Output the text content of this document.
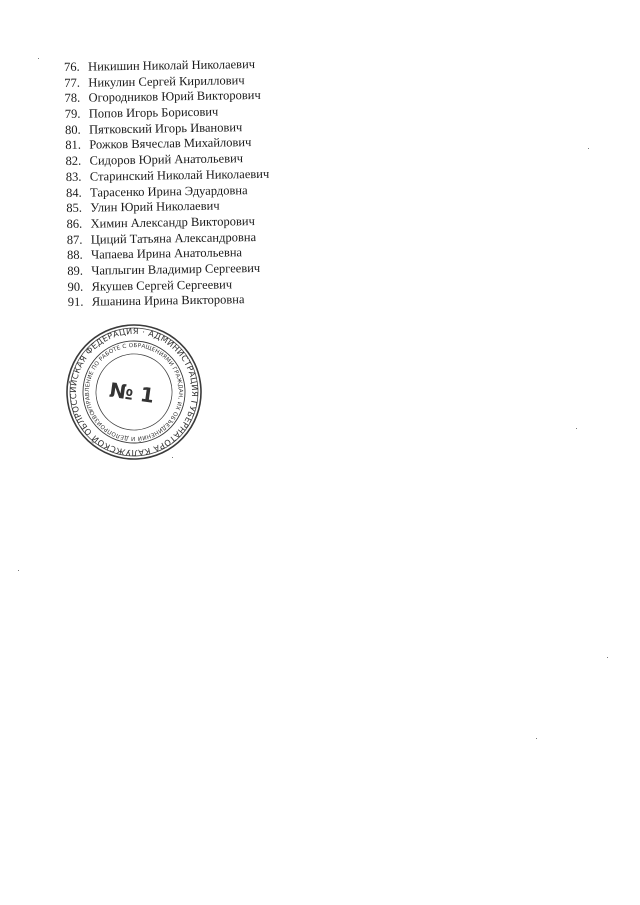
76. Никишин Николай Николаевич
77. Никулин Сергей Кириллович
78. Огородников Юрий Викторович
79. Попов Игорь Борисович
80. Пятковский Игорь Иванович
81. Рожков Вячеслав Михайлович
82. Сидоров Юрий Анатольевич
83. Старинский Николай Николаевич
84. Тарасенко Ирина Эдуардовна
85. Улин Юрий Николаевич
86. Химин Александр Викторович
87. Циций Татьяна Александровна
88. Чапаева Ирина Анатольевна
89. Чаплыгин Владимир Сергеевич
90. Якушев Сергей Сергеевич
91. Яшанина Ирина Викторовна
РОССИЙСКАЯ ФЕДЕРАЦИЯ · АДМИНИСТРАЦИЯ ГУБЕРНАТОРА КАЛУЖСКОЙ ОБЛАСТИ
УПРАВЛЕНИЕ ПО РАБОТЕ С ОБРАЩЕНИЯМИ ГРАЖДАН, ИХ ОБЪЕДИНЕНИЙ И ДЕЛОПРОИЗВОДСТВА
№ 1
